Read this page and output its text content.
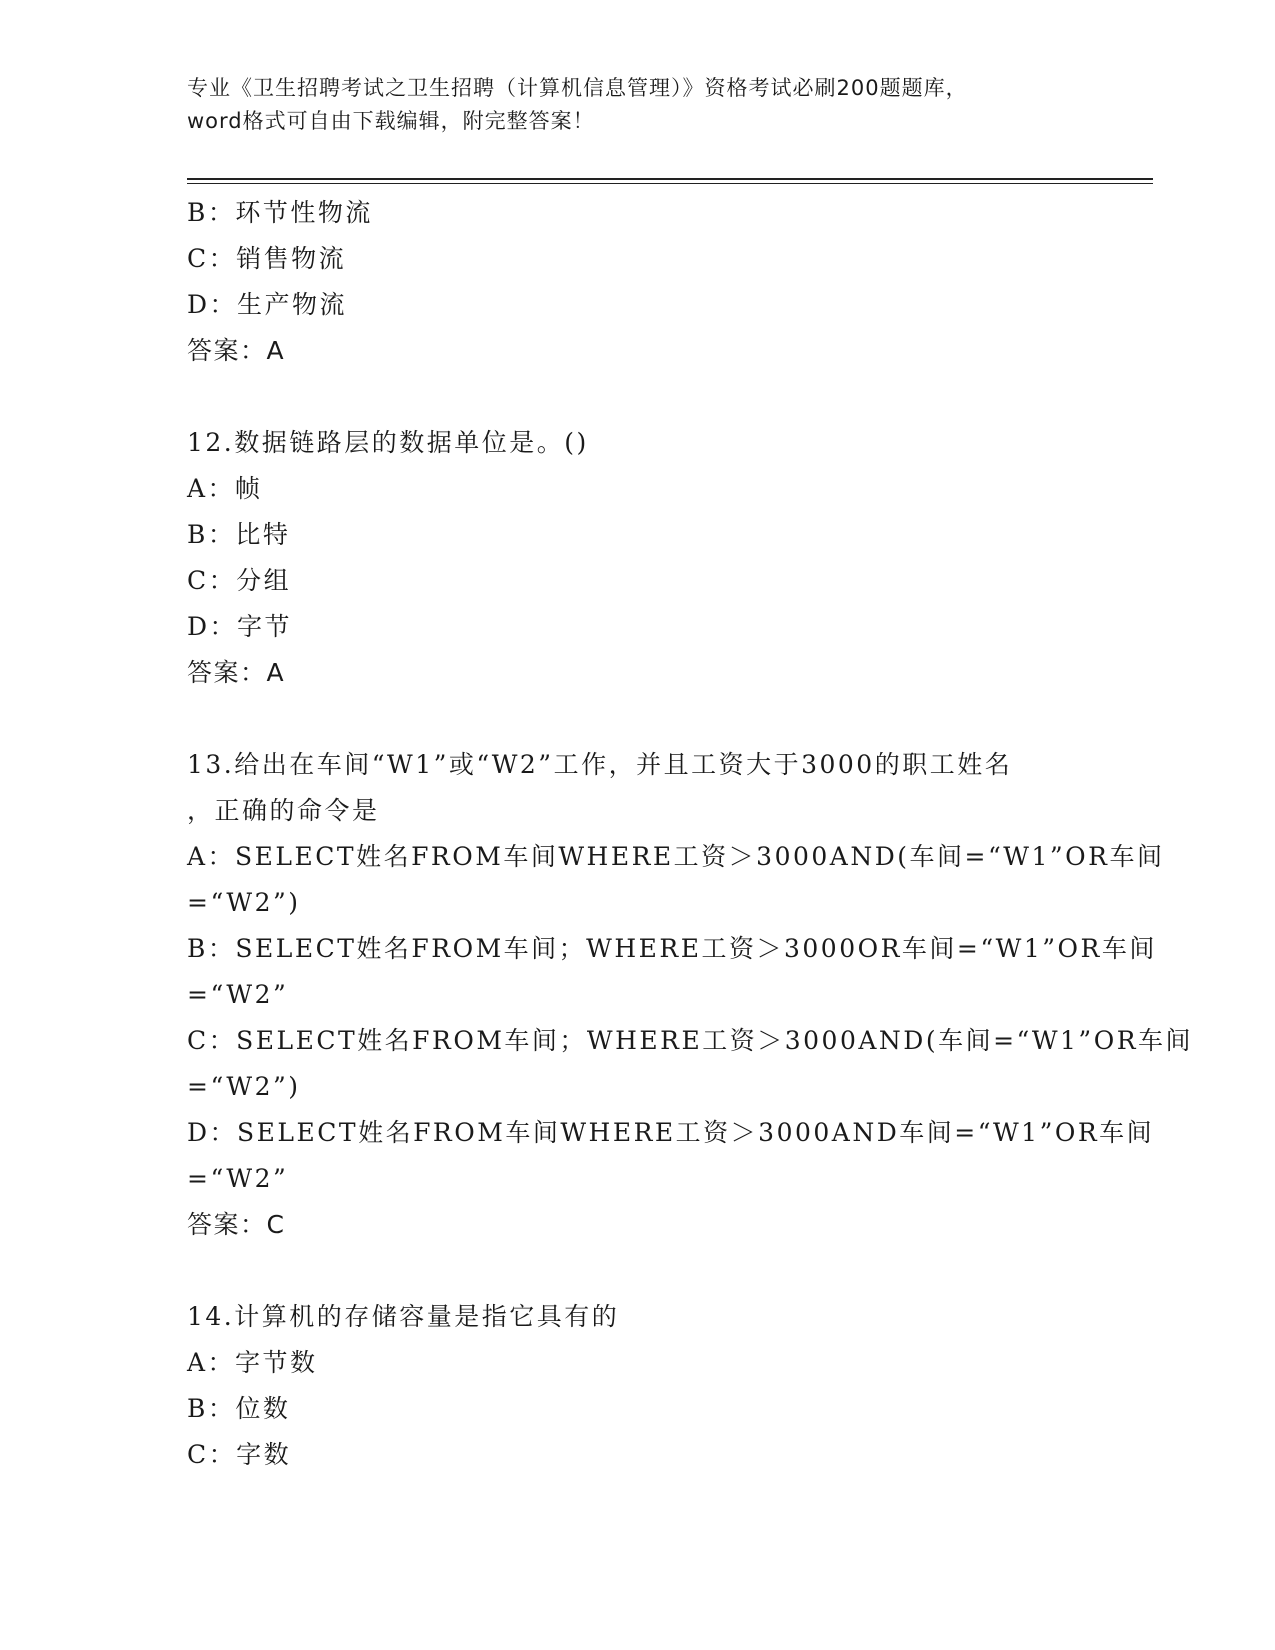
专业《卫生招聘考试之卫生招聘（计算机信息管理）》资格考试必刷200题题库，

word格式可自由下载编辑，附完整答案！

B：环节性物流
C：销售物流
D：生产物流
答案：A
12.数据链路层的数据单位是。()
A：帧
B：比特
C：分组
D：字节
答案：A
13.给出在车间“W1”或“W2”工作，并且工资大于3000的职工姓名
，正确的命令是
A：SELECT姓名FROM车间WHERE工资＞3000AND(车间=“W1”OR车间
=“W2”)
B：SELECT姓名FROM车间；WHERE工资＞3000OR车间=“W1”OR车间
=“W2”
C：SELECT姓名FROM车间；WHERE工资＞3000AND(车间=“W1”OR车间
=“W2”)
D：SELECT姓名FROM车间WHERE工资＞3000AND车间=“W1”OR车间
=“W2”
答案：C
14.计算机的存储容量是指它具有的
A：字节数
B：位数
C：字数
